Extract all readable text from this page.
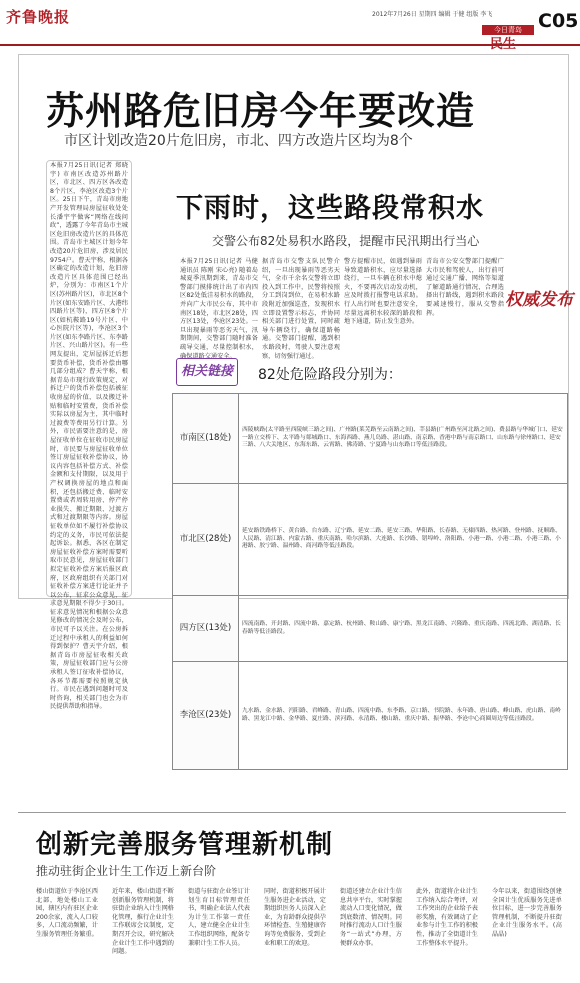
齐鲁晚报	2012年7月26日 星期四 编辑 于健 组版 李飞
今日青岛
民生
C05
苏州路危旧房今年要改造
市区计划改造20片危旧房，市北、四方改造片区均为8个
本报7月25日讯(记者 郑晓宇) 市南区改造苏州路片区，市北区、四方区各改造8个片区，李沧区改造3个片区。25日下午，青岛市房地产开发管理局房屋征收处处长潘宇宇做客“网络在线问政”，透露了今年青岛市主城区危旧房改造片区的具体范围。青岛市主城区计划今年改造20片危旧房，涉及居民9754户。曹天宇称，根据各区确定的改造计划，危旧房改造片区具体范围已经出炉，分别为：市南区1个片区(苏州路片区)，市北区8个片区(如东安路片区、大港纬四路片区等)，四方区8个片区(如杭鞍路19号片区、中心医院片区等)，李沧区3个片区(如东李路片区、东李路片区、兴山路片区)。有一些网友提出，定居屋拆迁后想要货币补偿，货币补偿由哪几部分组成？曹天宇称，根据青岛市现行政策规定，对拆迁户的货币补偿包括被征收房屋的价值，以及搬迁补贴和临时安置费，货币补偿实际以房屋为主，其中临时过渡费等费用另行计算。另外，市民需要注意的是，房屋征收单位在征收市民房屋时，市民要与房屋征收单位签订房屋征收补偿协议，协议内容包括补偿方式、补偿金额和支付期限，以及用于产权调换房屋的地点和面积，还包括搬迁费、临时安置费或者周转用房、停产停业损失、搬迁期限、过渡方式和过渡期限等内容。房屋征收单位如不履行补偿协议约定的义务，市民可依法提起诉讼。据悉，各区在制定房屋征收补偿方案时需要听取市民意见，房屋征收部门拟定征收补偿方案后报区政府，区政府组织有关部门对征收补偿方案进行论证并予以公布，征求公众意见，征求意见期限不得少于30日。征求意见情况和根据公众意见修改的情况会及时公布，市民可予以关注。在公房拆迁过程中承租人的利益如何得到保护？曹天宇介绍，根据青岛市房屋征收相关政策，房屋征收部门应与公房承租人签订征收补偿协议，各环节都需要按照规定执行。市民在遇到问题时可及时咨询，相关部门也会为市民提供帮助和指导。
下雨时，这些路段常积水
交警公布82处易积水路段，提醒市民汛期出行当心
本报7月25日讯(记者 马健 通讯员 陈刚 宋心亮) 随着岛城夏季汛期到来，青岛市交警部门摸排统计出了市内四区82处低洼易积水的路段，并向广大市民公布，其中市南区18处，市北区28处，四方区13处，李沧区23处。一旦出现暴雨等恶劣天气，汛期期间，交警部门随时准备疏导交通，尽量控制积水，确保道路交通安全。
据青岛市交警支队民警介绍，一旦出现暴雨等恶劣天气，全市千余名交警将立即投入到工作中，民警将按照分工到岗到位，在易积水路段附近加强巡查，发现积水立即设置警示标志，并协同相关部门进行处置，同时疏导车辆绕行，确保道路畅通。交警部门提醒，遇到积水路段时，驾驶人要注意观察，切勿强行通过。
警方提醒市民，如遇到暴雨导致道路积水，应尽量选择绕行，一旦车辆在积水中熄火，不要再次启动发动机，应及时拨打报警电话求助。行人出行时也要注意安全，尽量远离积水较深的路段和地下通道，防止发生意外。
青岛市公安交警部门提醒广大市民和驾驶人，出行前可通过交通广播、网络等渠道了解道路通行情况，合理选择出行路线，遇到积水路段要减速慢行，服从交警指挥。
权威发布
相关链接	82处危险路段分别为：
市南区(18处)	西陵峡路(太平路至西陵峡三路之间)、广州路(莱芜路至云南路之间)、莘县路(广州路至河北路之间)、费县路与华城门口、延安一路立交桥下、太平路与郯城路口、东海西路、燕儿岛路、湛山路、南京路、香港中路与南京路口、山东路与徐州路口、延安三路、八大关地区、东海东路、云霄路、佛涛路、宁夏路与山东路口等低洼路段。
市北区(28处)	延安路铁路桥下、黄台路、台东路、辽宁路、延安二路、延安三路、华阳路、长春路、无棣四路、热河路、登州路、抚顺路、人民路、清江路、内蒙古路、重庆南路、哈尔滨路、大连路、长沙路、错埠岭、洛阳路、小港一路、小港二路、小港三路、小港路、胶宁路、温州路、商河路等低洼路段。
四方区(13处)	四流南路、开封路、四流中路、嘉定路、杭州路、鞍山路、康宁路、黑龙江南路、兴隆路、重庆南路、四流北路、湖清路、长春路等低洼路段。
李沧区(23处)	九水路、金水路、沔阳路、君峰路、青山路、四流中路、东李路、京口路、书院路、永年路、唐山路、峰山路、虎山路、南岭路、黑龙江中路、金华路、夏庄路、滨河路、永清路、楼山路、重庆中路、振华路、李沧中心商圈周边等低洼路段。
创新完善服务管理新机制
推动驻街企业计生工作迈上新台阶
楼山街道位于李沧区西北部，地处楼山工业园，辖区内有驻区企业200余家，流入人口较多，人口流动频繁，计生服务管理任务繁重。
近年来，楼山街道不断创新服务管理机制，将驻街企业纳入计生网格化管理，推行企业计生工作联席会议制度，定期召开会议，研究解决企业计生工作中遇到的问题。
街道与驻街企业签订计划生育目标管理责任书，明确企业法人代表为计生工作第一责任人，建立健全企业计生工作组织网络，配备专兼职计生工作人员。
同时，街道积极开展计生服务进企业活动，定期组织医务人员深入企业，为育龄群众提供孕环情检查、生殖健康咨询等免费服务，受到企业和职工的欢迎。
街道还建立企业计生信息共享平台，实时掌握流动人口变化情况，做到底数清、情况明。同时推行流动人口计生服务“一站式”办理，方便群众办事。
此外，街道将企业计生工作纳入综合考评，对工作突出的企业给予表彰奖励，有效调动了企业参与计生工作的积极性，推动了全街道计生工作整体水平提升。
今年以来，街道围绕创建全国计生优质服务先进单位目标，进一步完善服务管理机制，不断提升驻街企业计生服务水平。(高晶晶)
